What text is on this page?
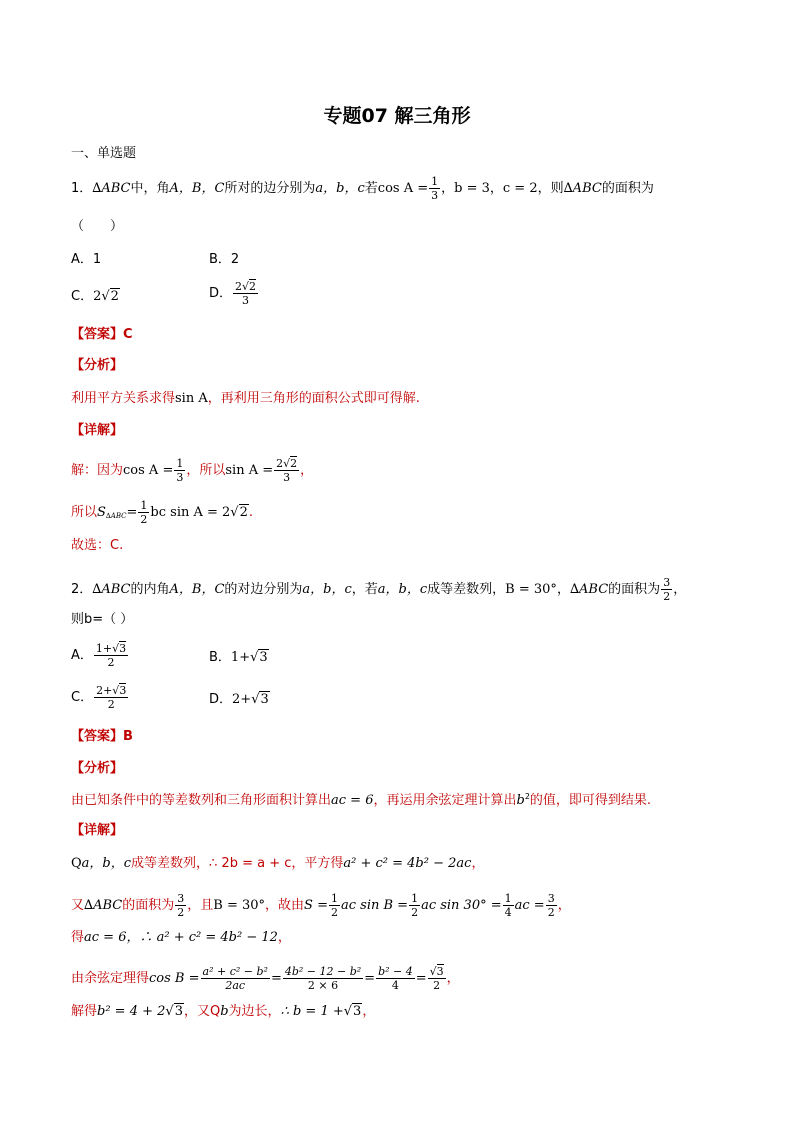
专题07 解三角形
一、单选题
1．∆ABC中，角A，B，C所对的边分别为a，b，c若$\cos A = \frac{1}{3}$ ，b = 3，c = 2，则∆ABC的面积为
（　　）
A．1	B．2
C．2√2	D． $\frac{2√2}{3}$
【答案】C
【分析】
利用平方关系求得sin A，再利用三角形的面积公式即可得解.
【详解】
解：因为$\cos A = \frac{1}{3}$ ，所以$\sin A = \frac{2√2}{3}$ ，
所以$S_{\Delta ABC}= \frac{1}{2}$ bc sin A = 2√2.
故选：C.
2．∆ABC的内角A，B，C的对边分别为a，b，c，若a，b，c成等差数列，B = 30°，∆ABC的面积为 $\frac{3}{2}$ ，
则b=（ ）
A． $\frac{1+√3}{2}$	B．1+√3
C． $\frac{2+√3}{2}$	D．2+√3
【答案】B
【分析】
由已知条件中的等差数列和三角形面积计算出ac = 6，再运用余弦定理计算出$b^2$的值，即可得到结果.
【详解】
Qa，b，c成等差数列，∴ 2b = a + c，平方得a² + c² = 4b² − 2ac，
又∆ABC的面积为 $\frac{3}{2}$ ，且B = 30°，故由$S = \frac{1}{2}$ ac $\sin B = \frac{1}{2}$ ac $\sin 30^\circ = \frac{1}{4}$ ac = $\frac{3}{2}$ ，
得ac = 6，∴ a² + c² = 4b² − 12，
由余弦定理得$\cos B = \frac{\text{a² + c² − b²}}{2ac} = \frac{\text{4b² − 12 − b²}}{2 \times 6} = \frac{\text{b² − 4}}{4} = \frac{√3}{2}$ ，
解得b² = 4 + 2√3，又Qb为边长，∴ b = 1 +√3，
